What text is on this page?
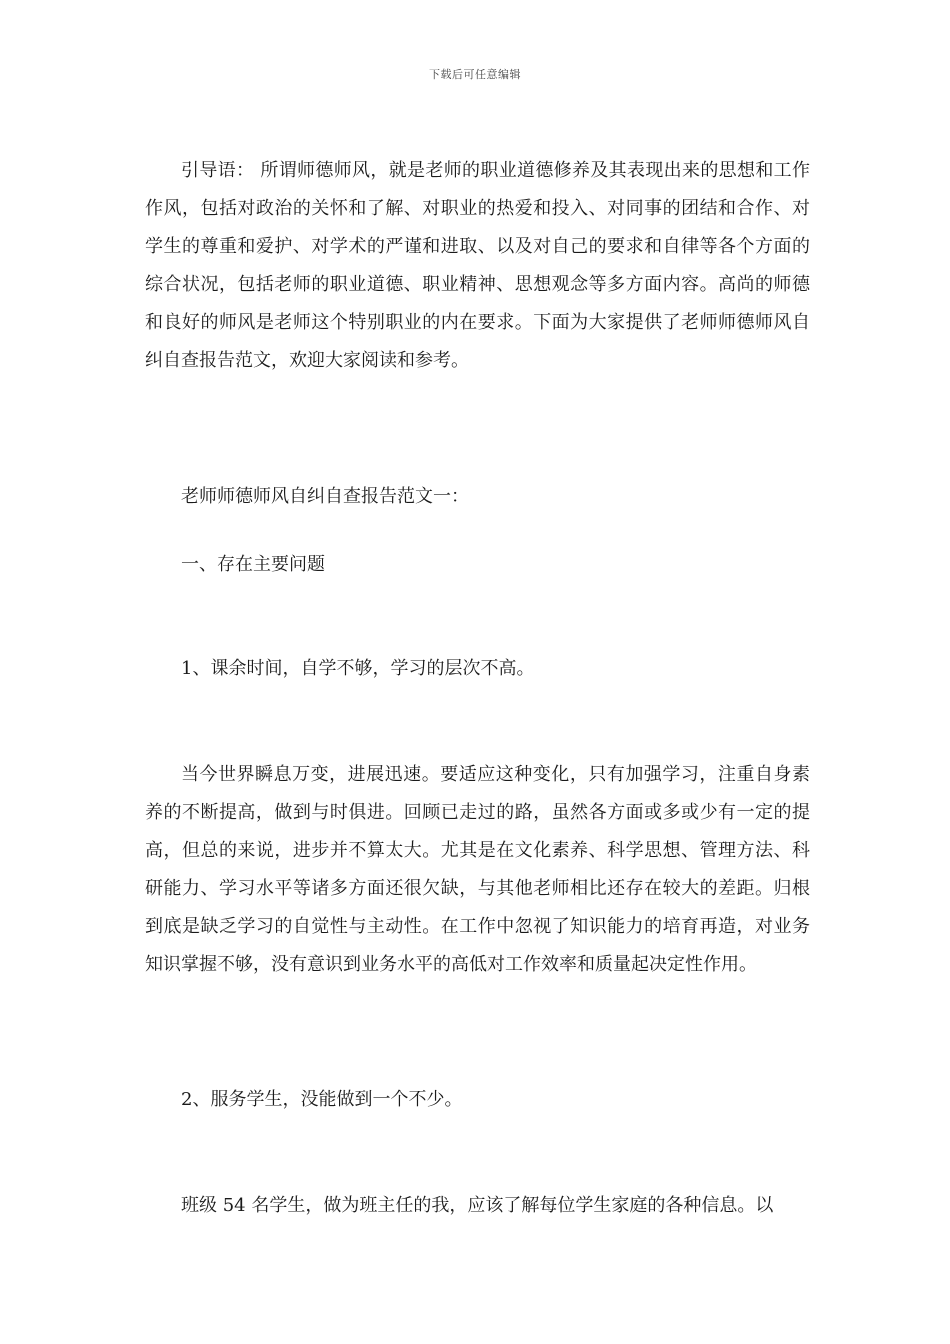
下载后可任意编辑

引导语： 所谓师德师风，就是老师的职业道德修养及其表现出来的思想和工作作风，包括对政治的关怀和了解、对职业的热爱和投入、对同事的团结和合作、对学生的尊重和爱护、对学术的严谨和进取、以及对自己的要求和自律等各个方面的综合状况，包括老师的职业道德、职业精神、思想观念等多方面内容。高尚的师德和良好的师风是老师这个特别职业的内在要求。下面为大家提供了老师师德师风自纠自查报告范文，欢迎大家阅读和参考。

老师师德师风自纠自查报告范文一：

一、存在主要问题

1、课余时间，自学不够，学习的层次不高。

当今世界瞬息万变，进展迅速。要适应这种变化，只有加强学习，注重自身素养的不断提高，做到与时俱进。回顾已走过的路，虽然各方面或多或少有一定的提高，但总的来说，进步并不算太大。尤其是在文化素养、科学思想、管理方法、科研能力、学习水平等诸多方面还很欠缺，与其他老师相比还存在较大的差距。归根到底是缺乏学习的自觉性与主动性。在工作中忽视了知识能力的培育再造，对业务知识掌握不够，没有意识到业务水平的高低对工作效率和质量起决定性作用。

2、服务学生，没能做到一个不少。

班级 54 名学生，做为班主任的我，应该了解每位学生家庭的各种信息。以
